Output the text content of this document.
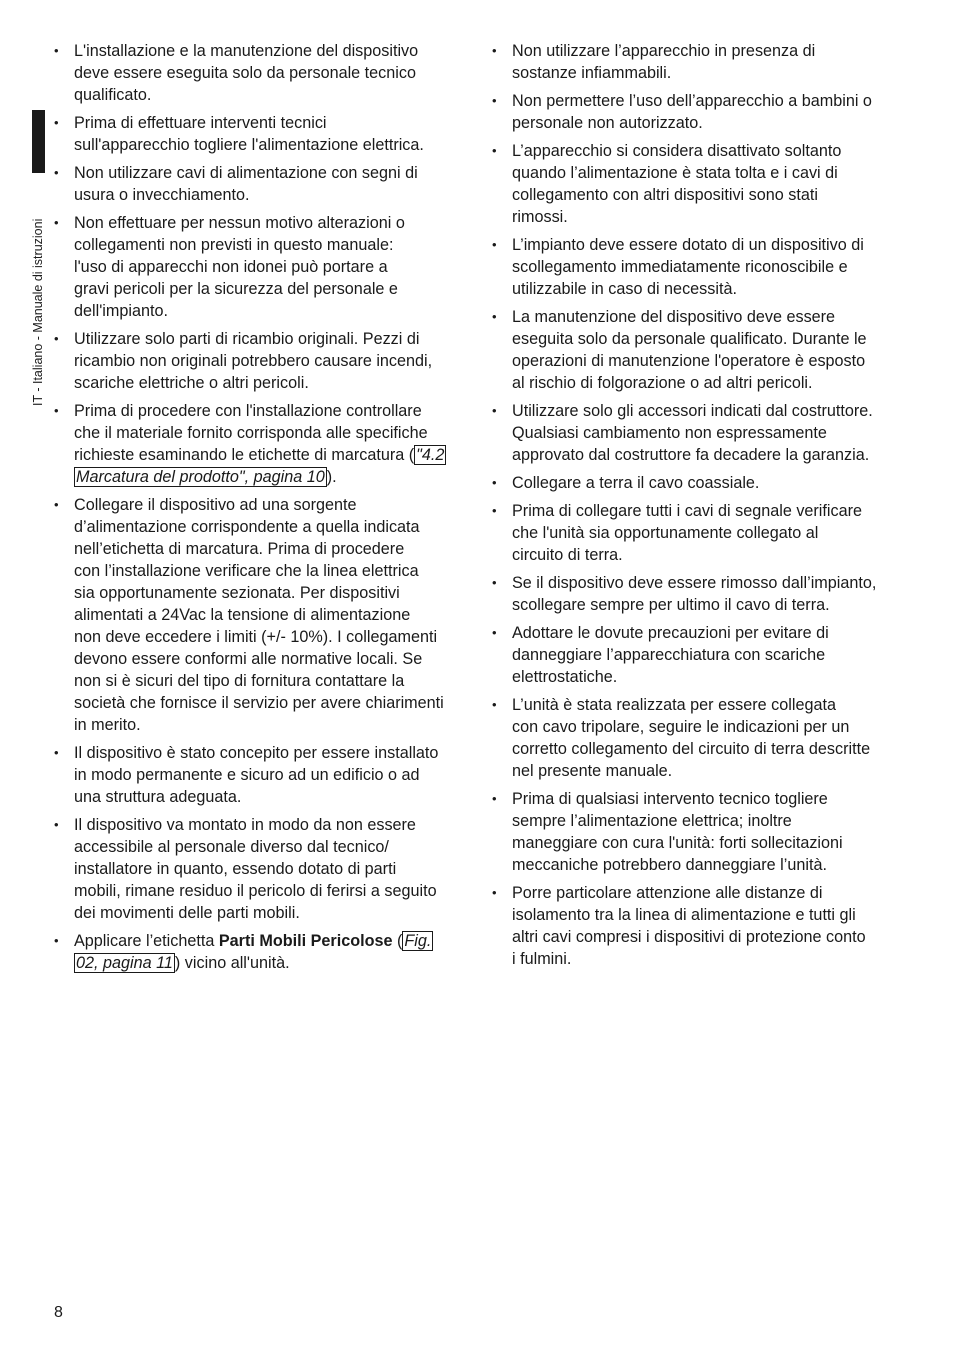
IT - Italiano - Manuale di istruzioni
• L'installazione e la manutenzione del dispositivo
deve essere eseguita solo da personale tecnico
qualificato.
• Prima di effettuare interventi tecnici
sull'apparecchio togliere l'alimentazione elettrica.
• Non utilizzare cavi di alimentazione con segni di
usura o invecchiamento.
• Non effettuare per nessun motivo alterazioni o
collegamenti non previsti in questo manuale:
l'uso di apparecchi non idonei può portare a
gravi pericoli per la sicurezza del personale e
dell'impianto.
• Utilizzare solo parti di ricambio originali. Pezzi di
ricambio non originali potrebbero causare incendi,
scariche elettriche o altri pericoli.
• Prima di procedere con l'installazione controllare
che il materiale fornito corrisponda alle specifiche
richieste esaminando le etichette di marcatura ( "4.2
Marcatura del prodotto", pagina 10 ).
• Collegare il dispositivo ad una sorgente
d’alimentazione corrispondente a quella indicata
nell’etichetta di marcatura. Prima di procedere
con l’installazione verificare che la linea elettrica
sia opportunamente sezionata. Per dispositivi
alimentati a 24Vac la tensione di alimentazione
non deve eccedere i limiti (+/- 10%). I collegamenti
devono essere conformi alle normative locali. Se
non si è sicuri del tipo di fornitura contattare la
società che fornisce il servizio per avere chiarimenti
in merito.
• Il dispositivo è stato concepito per essere installato
in modo permanente e sicuro ad un edificio o ad
una struttura adeguata.
• Il dispositivo va montato in modo da non essere
accessibile al personale diverso dal tecnico/
installatore in quanto, essendo dotato di parti
mobili, rimane residuo il pericolo di ferirsi a seguito
dei movimenti delle parti mobili.
• Applicare l’etichetta Parti Mobili Pericolose ( Fig.
02, pagina 11 ) vicino all'unità.
• Non utilizzare l’apparecchio in presenza di
sostanze infiammabili.
• Non permettere l’uso dell’apparecchio a bambini o
personale non autorizzato.
• L’apparecchio si considera disattivato soltanto
quando l’alimentazione è stata tolta e i cavi di
collegamento con altri dispositivi sono stati
rimossi.
• L’impianto deve essere dotato di un dispositivo di
scollegamento immediatamente riconoscibile e
utilizzabile in caso di necessità.
• La manutenzione del dispositivo deve essere
eseguita solo da personale qualificato. Durante le
operazioni di manutenzione l'operatore è esposto
al rischio di folgorazione o ad altri pericoli.
• Utilizzare solo gli accessori indicati dal costruttore.
Qualsiasi cambiamento non espressamente
approvato dal costruttore fa decadere la garanzia.
• Collegare a terra il cavo coassiale.
• Prima di collegare tutti i cavi di segnale verificare
che l'unità sia opportunamente collegato al
circuito di terra.
• Se il dispositivo deve essere rimosso dall’impianto,
scollegare sempre per ultimo il cavo di terra.
• Adottare le dovute precauzioni per evitare di
danneggiare l’apparecchiatura con scariche
elettrostatiche.
• L’unità è stata realizzata per essere collegata
con cavo tripolare, seguire le indicazioni per un
corretto collegamento del circuito di terra descritte
nel presente manuale.
• Prima di qualsiasi intervento tecnico togliere
sempre l’alimentazione elettrica; inoltre
maneggiare con cura l'unità: forti sollecitazioni
meccaniche potrebbero danneggiare l’unità.
• Porre particolare attenzione alle distanze di
isolamento tra la linea di alimentazione e tutti gli
altri cavi compresi i dispositivi di protezione conto
i fulmini.
8
